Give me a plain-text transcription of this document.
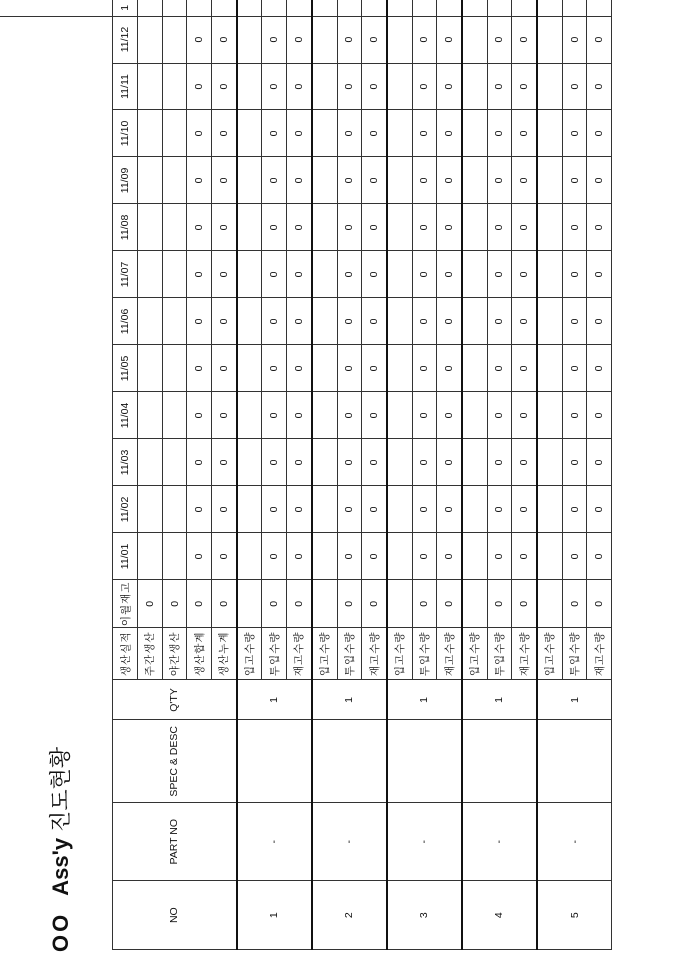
OOAss'y진도현황
NO	PART NO	SPEC & DESC	Q'TY	생산실적	이월재고	11/01	11/02	11/03	11/04	11/05	11/06	11/07	11/08	11/09	11/10	11/11	11/12	1
				주간생산	0													
				야간생산	0													
				생산합계	0	0	0	0	0	0	0	0	0	0	0	0	0	
				생산누계	0	0	0	0	0	0	0	0	0	0	0	0	0	
1	-		1	입고수량														
				투입수량	0	0	0	0	0	0	0	0	0	0	0	0	0	
				재고수량	0	0	0	0	0	0	0	0	0	0	0	0	0	
2	-		1	입고수량														
				투입수량	0	0	0	0	0	0	0	0	0	0	0	0	0	
				재고수량	0	0	0	0	0	0	0	0	0	0	0	0	0	
3	-		1	입고수량														
				투입수량	0	0	0	0	0	0	0	0	0	0	0	0	0	
				재고수량	0	0	0	0	0	0	0	0	0	0	0	0	0	
4	-		1	입고수량														
				투입수량	0	0	0	0	0	0	0	0	0	0	0	0	0	
				재고수량	0	0	0	0	0	0	0	0	0	0	0	0	0	
5	-		1	입고수량														
				투입수량	0	0	0	0	0	0	0	0	0	0	0	0	0	
				재고수량	0	0	0	0	0	0	0	0	0	0	0	0	0	
